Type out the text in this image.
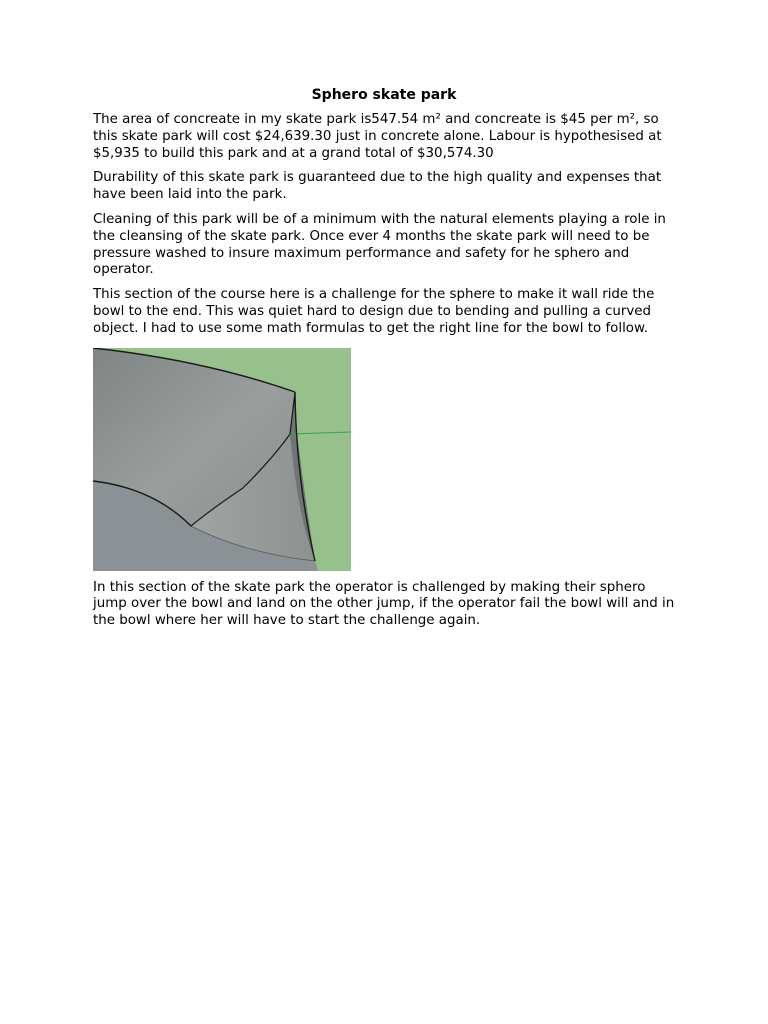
Sphero skate park

The area of concreate in my skate park is547.54 m² and concreate is $45 per m², so this skate park will cost $24,639.30 just in concrete alone. Labour is hypothesised at $5,935 to build this park and at a grand total of $30,574.30

Durability of this skate park is guaranteed due to the high quality and expenses that have been laid into the park.

Cleaning of this park will be of a minimum with the natural elements playing a role in the cleansing of the skate park. Once ever 4 months the skate park will need to be pressure washed to insure maximum performance and safety for he sphero and operator.

This section of the course here is a challenge for the sphere to make it wall ride the bowl to the end. This was quiet hard to design due to bending and pulling a curved object. I had to use some math formulas to get the right line for the bowl to follow.

In this section of the skate park the operator is challenged by making their sphero jump over the bowl and land on the other jump, if the operator fail the bowl will and in the bowl where her will have to start the challenge again.
